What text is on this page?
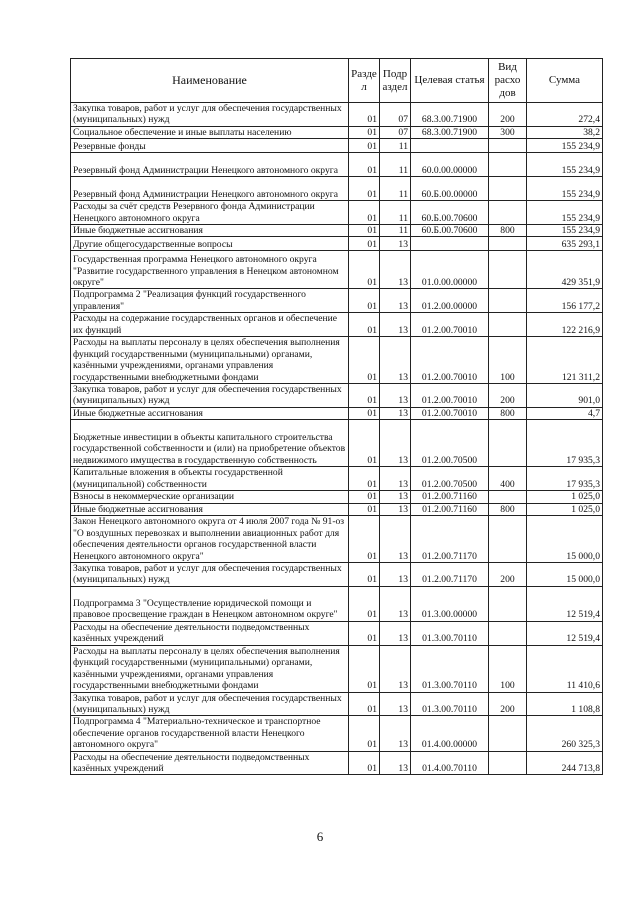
Наименование	Разде л	Подр аздел	Целевая статья	Вид расхо дов	Сумма
Закупка товаров, работ и услуг для обеспечения государственных (муниципальных) нужд	01	07	68.3.00.71900	200	272,4
Социальное обеспечение и иные выплаты населению	01	07	68.3.00.71900	300	38,2
Резервные фонды	01	11			155 234,9
Резервный фонд Администрации Ненецкого автономного округа	01	11	60.0.00.00000		155 234,9
Резервный фонд Администрации Ненецкого автономного округа	01	11	60.Б.00.00000		155 234,9
Расходы за счёт средств Резервного фонда Администрации Ненецкого автономного округа	01	11	60.Б.00.70600		155 234,9
Иные бюджетные ассигнования	01	11	60.Б.00.70600	800	155 234,9
Другие общегосударственные вопросы	01	13			635 293,1
Государственная программа Ненецкого автономного округа "Развитие государственного управления в Ненецком автономном округе"	01	13	01.0.00.00000		429 351,9
Подпрограмма 2 "Реализация функций государственного управления"	01	13	01.2.00.00000		156 177,2
Расходы на содержание государственных органов и обеспечение их функций	01	13	01.2.00.70010		122 216,9
Расходы на выплаты персоналу в целях обеспечения выполнения функций государственными (муниципальными) органами, казёнными учреждениями, органами управления государственными внебюджетными фондами	01	13	01.2.00.70010	100	121 311,2
Закупка товаров, работ и услуг для обеспечения государственных (муниципальных) нужд	01	13	01.2.00.70010	200	901,0
Иные бюджетные ассигнования	01	13	01.2.00.70010	800	4,7
Бюджетные инвестиции в объекты капитального строительства государственной собственности и (или) на приобретение объектов недвижимого имущества в государственную собственность	01	13	01.2.00.70500		17 935,3
Капитальные вложения в объекты государственной (муниципальной) собственности	01	13	01.2.00.70500	400	17 935,3
Взносы в некоммерческие организации	01	13	01.2.00.71160		1 025,0
Иные бюджетные ассигнования	01	13	01.2.00.71160	800	1 025,0
Закон Ненецкого автономного округа от 4 июля 2007 года № 91-оз "О воздушных перевозках и выполнении авиационных работ для обеспечения деятельности органов государственной власти Ненецкого автономного округа"	01	13	01.2.00.71170		15 000,0
Закупка товаров, работ и услуг для обеспечения государственных (муниципальных) нужд	01	13	01.2.00.71170	200	15 000,0
Подпрограмма 3 "Осуществление юридической помощи и правовое просвещение граждан в Ненецком автономном округе"	01	13	01.3.00.00000		12 519,4
Расходы на обеспечение деятельности подведомственных казённых учреждений	01	13	01.3.00.70110		12 519,4
Расходы на выплаты персоналу в целях обеспечения выполнения функций государственными (муниципальными) органами, казёнными учреждениями, органами управления государственными внебюджетными фондами	01	13	01.3.00.70110	100	11 410,6
Закупка товаров, работ и услуг для обеспечения государственных (муниципальных) нужд	01	13	01.3.00.70110	200	1 108,8
Подпрограмма 4 "Материально-техническое и транспортное обеспечение органов государственной власти Ненецкого автономного округа"	01	13	01.4.00.00000		260 325,3
Расходы на обеспечение деятельности подведомственных казённых учреждений	01	13	01.4.00.70110		244 713,8
6
